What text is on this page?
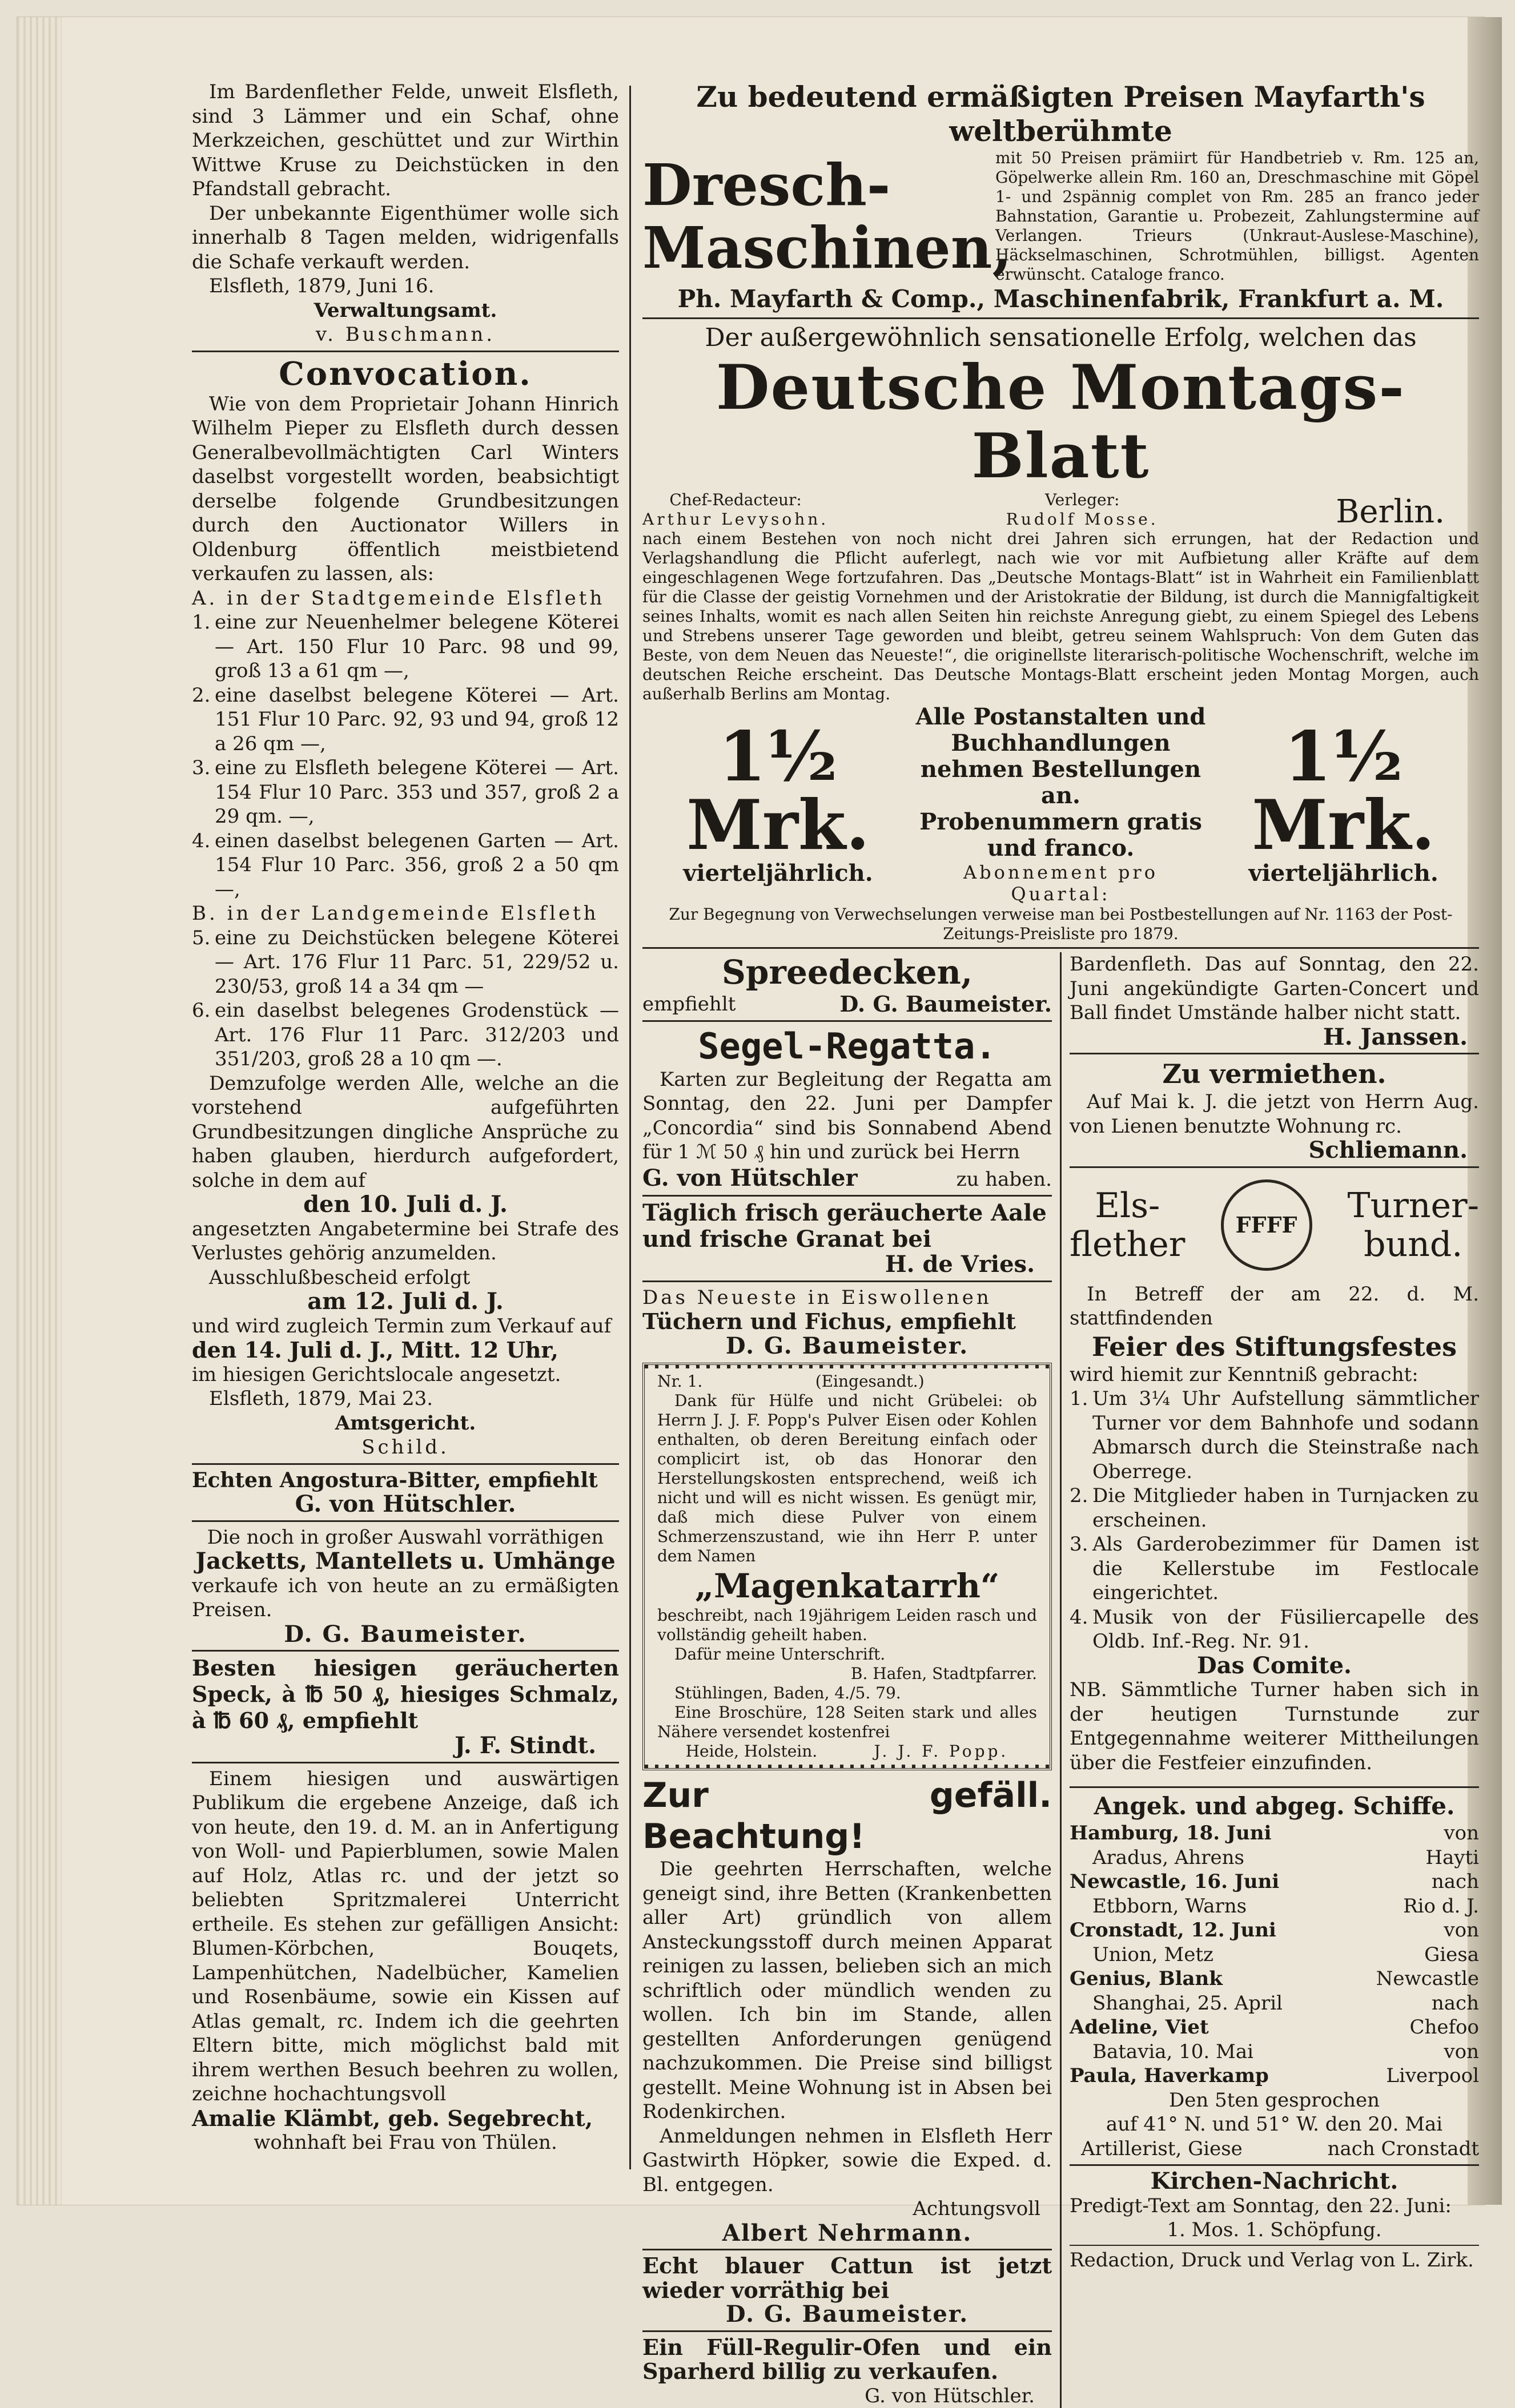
Im Bardenflether Felde, unweit Elsfleth, sind 3 Lämmer und ein Schaf, ohne Merkzeichen, geschüttet und zur Wirthin Wittwe Kruse zu Deichstücken in den Pfandstall gebracht.

Der unbekannte Eigenthümer wolle sich innerhalb 8 Tagen melden, widrigenfalls die Schafe verkauft werden.

Elsfleth, 1879, Juni 16.

Verwaltungsamt.

v. Buschmann.

Convocation.

Wie von dem Proprietair Johann Hinrich Wilhelm Pieper zu Elsfleth durch dessen Generalbevollmächtigten Carl Winters daselbst vorgestellt worden, beabsichtigt derselbe folgende Grundbesitzungen durch den Auctionator Willers in Oldenburg öffentlich meistbietend verkaufen zu lassen, als:

A. in der Stadtgemeinde Elsfleth

1. eine zur Neuenhelmer belegene Köterei — Art. 150 Flur 10 Parc. 98 und 99, groß 13 a 61 qm —,
2. eine daselbst belegene Köterei — Art. 151 Flur 10 Parc. 92, 93 und 94, groß 12 a 26 qm —,
3. eine zu Elsfleth belegene Köterei — Art. 154 Flur 10 Parc. 353 und 357, groß 2 a 29 qm. —,
4. einen daselbst belegenen Garten — Art. 154 Flur 10 Parc. 356, groß 2 a 50 qm —,

B. in der Landgemeinde Elsfleth

5. eine zu Deichstücken belegene Köterei — Art. 176 Flur 11 Parc. 51, 229/52 u. 230/53, groß 14 a 34 qm —
6. ein daselbst belegenes Grodenstück — Art. 176 Flur 11 Parc. 312/203 und 351/203, groß 28 a 10 qm —.

Demzufolge werden Alle, welche an die vorstehend aufgeführten Grundbesitzungen dingliche Ansprüche zu haben glauben, hierdurch aufgefordert, solche in dem auf

den 10. Juli d. J.

angesetzten Angabetermine bei Strafe des Verlustes gehörig anzumelden.

Ausschlußbescheid erfolgt

am 12. Juli d. J.

und wird zugleich Termin zum Verkauf auf

den 14. Juli d. J., Mitt. 12 Uhr,

im hiesigen Gerichtslocale angesetzt.

Elsfleth, 1879, Mai 23.

Amtsgericht.

Schild.

Echten Angostura-Bitter, empfiehlt

G. von Hütschler.

Die noch in großer Auswahl vorräthigen

Jacketts, Mantellets u. Umhänge

verkaufe ich von heute an zu ermäßigten Preisen.

D. G. Baumeister.

Besten hiesigen geräucherten Speck, à ℔ 50 ₰, hiesiges Schmalz, à ℔ 60 ₰, empfiehlt

J. F. Stindt.

Einem hiesigen und auswärtigen Publikum die ergebene Anzeige, daß ich von heute, den 19. d. M. an in Anfertigung von Woll- und Papierblumen, sowie Malen auf Holz, Atlas rc. und der jetzt so beliebten Spritzmalerei Unterricht ertheile. Es stehen zur gefälligen Ansicht: Blumen-Körbchen, Bouqets, Lampenhütchen, Nadelbücher, Kamelien und Rosenbäume, sowie ein Kissen auf Atlas gemalt, rc. Indem ich die geehrten Eltern bitte, mich möglichst bald mit ihrem werthen Besuch beehren zu wollen, zeichne hochachtungsvoll

Amalie Klämbt, geb. Segebrecht,

wohnhaft bei Frau von Thülen.

Zu bedeutend ermäßigten Preisen Mayfarth's weltberühmte

Dresch-Maschinen,

mit 50 Preisen prämiirt für Handbetrieb v. Rm. 125 an, Göpelwerke allein Rm. 160 an, Dreschmaschine mit Göpel 1- und 2spännig complet von Rm. 285 an franco jeder Bahnstation, Garantie u. Probezeit, Zahlungstermine auf Verlangen. Trieurs (Unkraut-Auslese-Maschine), Häckselmaschinen, Schrotmühlen, billigst. Agenten erwünscht. Cataloge franco.

Ph. Mayfarth & Comp., Maschinenfabrik, Frankfurt a. M.

Der außergewöhnlich sensationelle Erfolg, welchen das

Deutsche Montags-Blatt

Chef-Redacteur:
Arthur Levysohn.
Verleger:
Rudolf Mosse.	Berlin.

nach einem Bestehen von noch nicht drei Jahren sich errungen, hat der Redaction und Verlagshandlung die Pflicht auferlegt, nach wie vor mit Aufbietung aller Kräfte auf dem eingeschlagenen Wege fortzufahren. Das „Deutsche Montags-Blatt“ ist in Wahrheit ein Familienblatt für die Classe der geistig Vornehmen und der Aristokratie der Bildung, ist durch die Mannigfaltigkeit seines Inhalts, womit es nach allen Seiten hin reichste Anregung giebt, zu einem Spiegel des Lebens und Strebens unserer Tage geworden und bleibt, getreu seinem Wahlspruch: Von dem Guten das Beste, von dem Neuen das Neueste!“, die originellste literarisch-politische Wochenschrift, welche im deutschen Reiche erscheint. Das Deutsche Montags-Blatt erscheint jeden Montag Morgen, auch außerhalb Berlins am Montag.

1½ Mrk.
vierteljährlich.
Alle Postanstalten und Buchhandlungen nehmen Bestellungen an.
Probenummern gratis und franco.
Abonnement pro Quartal:
1½ Mrk.
vierteljährlich.

Zur Begegnung von Verwechselungen verweise man bei Postbestellungen auf Nr. 1163 der Post-Zeitungs-Preisliste pro 1879.

Spreedecken,

empfiehlt	D. G. Baumeister.

Segel-Regatta.

Karten zur Begleitung der Regatta am Sonntag, den 22. Juni per Dampfer „Concordia“ sind bis Sonnabend Abend für 1 ℳ 50 ₰ hin und zurück bei Herrn

G. von Hütschler	zu haben.

Täglich frisch geräucherte Aale

und frische Granat bei

H. de Vries.

Das Neueste in Eiswollenen

Tüchern und Fichus, empfiehlt

D. G. Baumeister.

Nr. 1.	(Eingesandt.)

Dank für Hülfe und nicht Grübelei: ob Herrn J. J. F. Popp's Pulver Eisen oder Kohlen enthalten, ob deren Bereitung einfach oder complicirt ist, ob das Honorar den Herstellungskosten entsprechend, weiß ich nicht und will es nicht wissen. Es genügt mir, daß mich diese Pulver von einem Schmerzenszustand, wie ihn Herr P. unter dem Namen

„Magenkatarrh“

beschreibt, nach 19jährigem Leiden rasch und vollständig geheilt haben.

Dafür meine Unterschrift.

B. Hafen, Stadtpfarrer.

Stühlingen, Baden, 4./5. 79.

Eine Broschüre, 128 Seiten stark und alles Nähere versendet kostenfrei

Heide, Holstein.	J. J. F. Popp.

Zur gefäll. Beachtung!

Die geehrten Herrschaften, welche geneigt sind, ihre Betten (Krankenbetten aller Art) gründlich von allem Ansteckungsstoff durch meinen Apparat reinigen zu lassen, belieben sich an mich schriftlich oder mündlich wenden zu wollen. Ich bin im Stande, allen gestellten Anforderungen genügend nachzukommen. Die Preise sind billigst gestellt. Meine Wohnung ist in Absen bei Rodenkirchen.

Anmeldungen nehmen in Elsfleth Herr Gastwirth Höpker, sowie die Exped. d. Bl. entgegen.

Achtungsvoll

Albert Nehrmann.

Echt blauer Cattun ist jetzt wieder vorräthig bei

D. G. Baumeister.

Ein Füll-Regulir-Ofen und ein Sparherd billig zu verkaufen.

G. von Hütschler.

Bardenfleth. Das auf Sonntag, den 22. Juni angekündigte Garten-Concert und Ball findet Umstände halber nicht statt.

H. Janssen.

Zu vermiethen.

Auf Mai k. J. die jetzt von Herrn Aug. von Lienen benutzte Wohnung rc.

Schliemann.

Els-
flether FFFF Turner-
bund.

In Betreff der am 22. d. M. stattfindenden

Feier des Stiftungsfestes

wird hiemit zur Kenntniß gebracht:

1. Um 3¼ Uhr Aufstellung sämmtlicher Turner vor dem Bahnhofe und sodann Abmarsch durch die Steinstraße nach Oberrege.
2. Die Mitglieder haben in Turnjacken zu erscheinen.
3. Als Garderobezimmer für Damen ist die Kellerstube im Festlocale eingerichtet.
4. Musik von der Füsiliercapelle des Oldb. Inf.-Reg. Nr. 91.

Das Comite.

NB. Sämmtliche Turner haben sich in der heutigen Turnstunde zur Entgegennahme weiterer Mittheilungen über die Festfeier einzufinden.

Angek. und abgeg. Schiffe.

Hamburg, 18. Juni	von
Aradus, Ahrens	Hayti
Newcastle, 16. Juni	nach
Etbborn, Warns	Rio d. J.
Cronstadt, 12. Juni	von
Union, Metz	Giesa
Genius, Blank	Newcastle
Shanghai, 25. April	nach
Adeline, Viet	Chefoo
Batavia, 10. Mai	von
Paula, Haverkamp	Liverpool

Den 5ten gesprochen

auf 41° N. und 51° W. den 20. Mai

Artillerist, Giese	nach Cronstadt

Kirchen-Nachricht.

Predigt-Text am Sonntag, den 22. Juni:

1. Mos. 1. Schöpfung.

Redaction, Druck und Verlag von L. Zirk.
